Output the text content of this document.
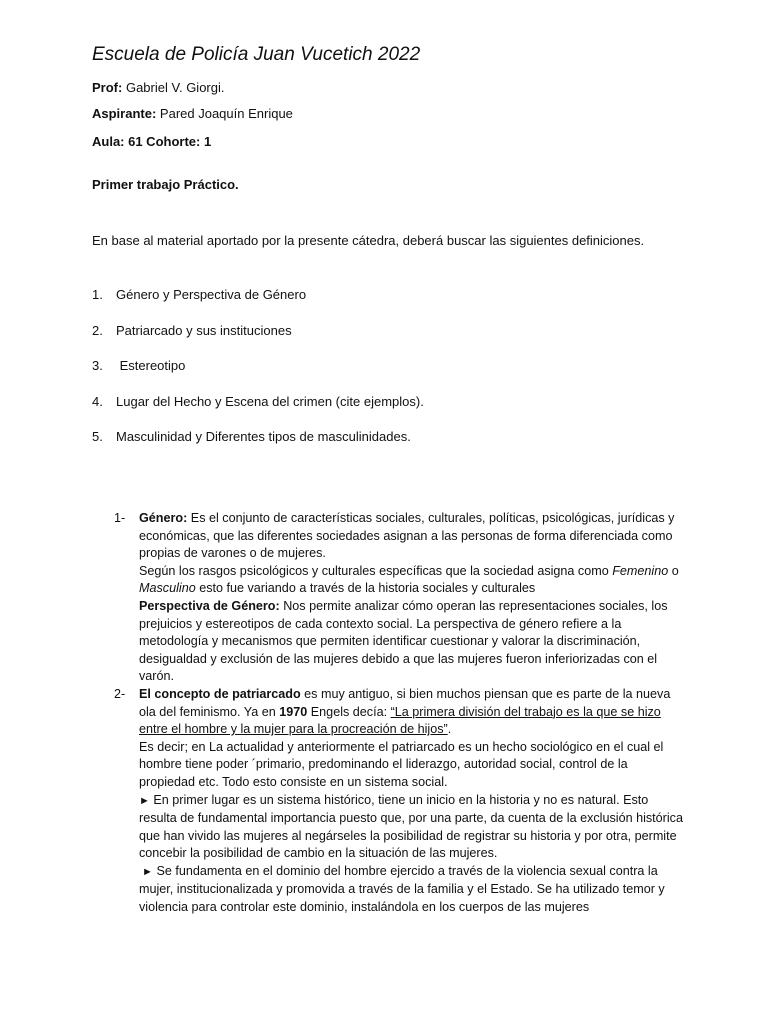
Escuela de Policía Juan Vucetich 2022
Prof: Gabriel V. Giorgi.
Aspirante: Pared Joaquín Enrique
Aula: 61 Cohorte: 1
Primer trabajo Práctico.
En base al material aportado por la presente cátedra, deberá buscar las siguientes definiciones.
1. Género y Perspectiva de Género
2. Patriarcado y sus instituciones
3. Estereotipo
4. Lugar del Hecho y Escena del crimen (cite ejemplos).
5. Masculinidad y Diferentes tipos de masculinidades.
1- Género: Es el conjunto de características sociales, culturales, políticas, psicológicas, jurídicas y económicas, que las diferentes sociedades asignan a las personas de forma diferenciada como propias de varones o de mujeres.
Según los rasgos psicológicos y culturales específicas que la sociedad asigna como Femenino o Masculino esto fue variando a través de la historia sociales y culturales
Perspectiva de Género: Nos permite analizar cómo operan las representaciones sociales, los prejuicios y estereotipos de cada contexto social. La perspectiva de género refiere a la metodología y mecanismos que permiten identificar cuestionar y valorar la discriminación, desigualdad y exclusión de las mujeres debido a que las mujeres fueron inferiorizadas con el varón.
2- El concepto de patriarcado es muy antiguo, si bien muchos piensan que es parte de la nueva ola del feminismo. Ya en 1970 Engels decía: “La primera división del trabajo es la que se hizo entre el hombre y la mujer para la procreación de hijos”.
Es decir; en La actualidad y anteriormente el patriarcado es un hecho sociológico en el cual el hombre tiene poder ´primario, predominando el liderazgo, autoridad social, control de la propiedad etc. Todo esto consiste en un sistema social.
► En primer lugar es un sistema histórico, tiene un inicio en la historia y no es natural. Esto resulta de fundamental importancia puesto que, por una parte, da cuenta de la exclusión histórica que han vivido las mujeres al negárseles la posibilidad de registrar su historia y por otra, permite concebir la posibilidad de cambio en la situación de las mujeres.
► Se fundamenta en el dominio del hombre ejercido a través de la violencia sexual contra la mujer, institucionalizada y promovida a través de la familia y el Estado. Se ha utilizado temor y violencia para controlar este dominio, instalándola en los cuerpos de las mujeres
